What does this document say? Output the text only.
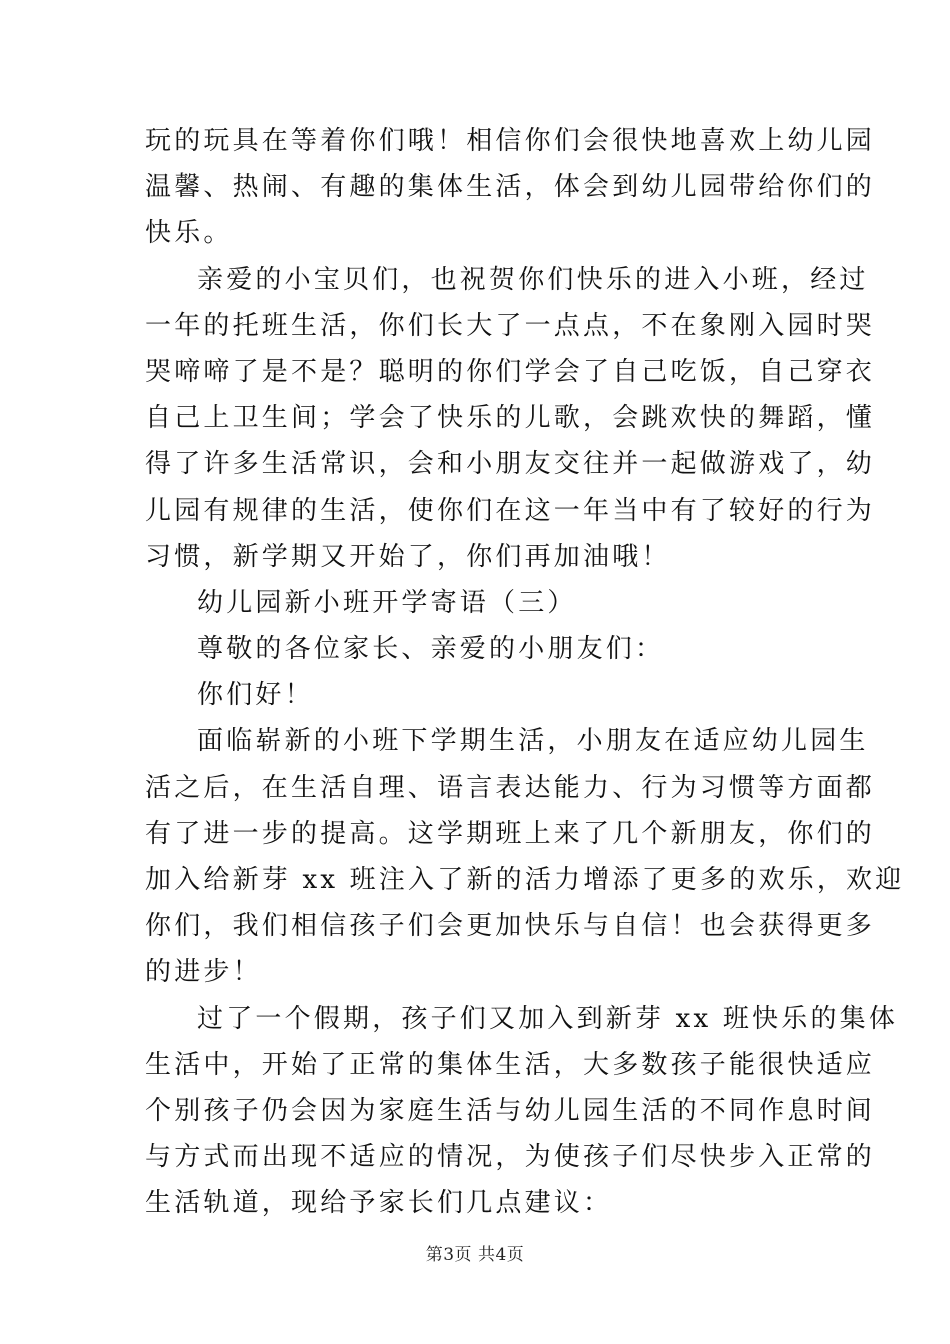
玩的玩具在等着你们哦！相信你们会很快地喜欢上幼儿园
温馨、热闹、有趣的集体生活，体会到幼儿园带给你们的
快乐。
亲爱的小宝贝们，也祝贺你们快乐的进入小班，经过
一年的托班生活，你们长大了一点点，不在象刚入园时哭
哭啼啼了是不是？聪明的你们学会了自己吃饭，自己穿衣
自己上卫生间；学会了快乐的儿歌，会跳欢快的舞蹈，懂
得了许多生活常识，会和小朋友交往并一起做游戏了，幼
儿园有规律的生活，使你们在这一年当中有了较好的行为
习惯，新学期又开始了，你们再加油哦！
幼儿园新小班开学寄语（三）
尊敬的各位家长、亲爱的小朋友们：
你们好！
面临崭新的小班下学期生活，小朋友在适应幼儿园生
活之后，在生活自理、语言表达能力、行为习惯等方面都
有了进一步的提高。这学期班上来了几个新朋友，你们的
加入给新芽 xx 班注入了新的活力增添了更多的欢乐，欢迎
你们，我们相信孩子们会更加快乐与自信！也会获得更多
的进步！
过了一个假期，孩子们又加入到新芽 xx 班快乐的集体
生活中，开始了正常的集体生活，大多数孩子能很快适应
个别孩子仍会因为家庭生活与幼儿园生活的不同作息时间
与方式而出现不适应的情况，为使孩子们尽快步入正常的
生活轨道，现给予家长们几点建议：
第3页 共4页
